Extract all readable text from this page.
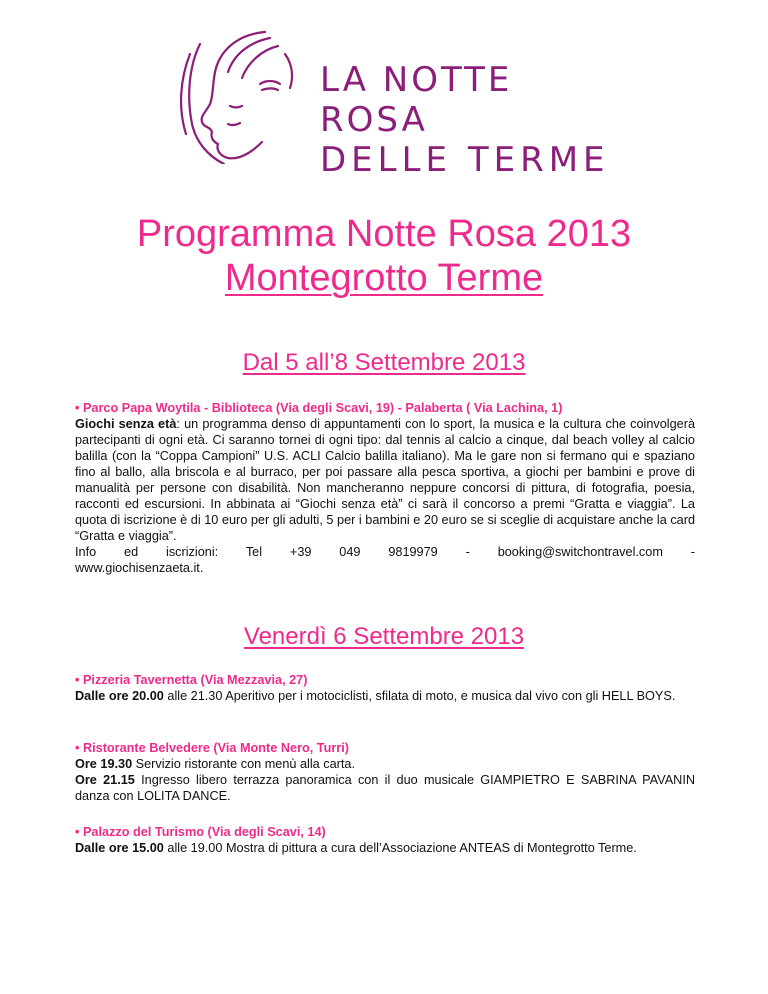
LA NOTTE ROSA
DELLE TERME
Programma Notte Rosa 2013
Montegrotto Terme
Dal 5 all’8 Settembre 2013

• Parco Papa Woytila - Biblioteca (Via degli Scavi, 19) - Palaberta ( Via Lachina, 1)

Giochi senza età: un programma denso di appuntamenti con lo sport, la musica e la cultura che coinvolgerà partecipanti di ogni età. Ci saranno tornei di ogni tipo: dal tennis al calcio a cinque, dal beach volley al calcio balilla (con la “Coppa Campioni” U.S. ACLI Calcio balilla italiano). Ma le gare non si fermano qui e spaziano fino al ballo, alla briscola e al burraco, per poi passare alla pesca sportiva, a giochi per bambini e prove di manualità per persone con disabilità. Non mancheranno neppure concorsi di pittura, di fotografia, poesia, racconti ed escursioni. In abbinata ai “Giochi senza età” ci sarà il concorso a premi “Gratta e viaggia”. La quota di iscrizione è di 10 euro per gli adulti, 5 per i bambini e 20 euro se si sceglie di acquistare anche la card “Gratta e viaggia”.

Info ed iscrizioni: Tel +39 049 9819979 - booking@switchontravel.com -

www.giochisenzaeta.it.

Venerdì 6 Settembre 2013

• Pizzeria Tavernetta (Via Mezzavia, 27)

Dalle ore 20.00 alle 21.30 Aperitivo per i motociclisti, sfilata di moto, e musica dal vivo con gli HELL BOYS.

• Ristorante Belvedere (Via Monte Nero, Turri)

Ore 19.30 Servizio ristorante con menù alla carta.

Ore 21.15 Ingresso libero terrazza panoramica con il duo musicale GIAMPIETRO E SABRINA PAVANIN danza con LOLITA DANCE.

• Palazzo del Turismo (Via degli Scavi, 14)

Dalle ore 15.00 alle 19.00 Mostra di pittura a cura dell’Associazione ANTEAS di Montegrotto Terme.
